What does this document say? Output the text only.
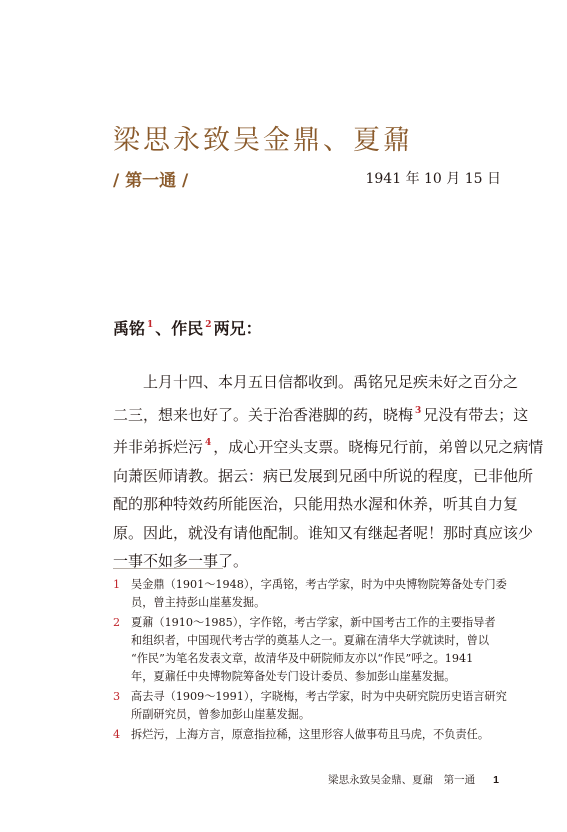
梁思永致吴金鼎、夏鼐
/ 第一通 /	1941 年 10 月 15 日
禹铭 $^1$ 、作民 $^2$ 两兄：
上月十四、本月五日信都收到。禹铭兄足疾未好之百分之
二三，想来也好了。关于治香港脚的药，晓梅 $^3$ 兄没有带去；这
并非弟拆烂污 $^4$ ，成心开空头支票。晓梅兄行前，弟曾以兄之病情
向萧医师请教。据云：病已发展到兄函中所说的程度，已非他所
配的那种特效药所能医治，只能用热水渥和休养，听其自力复
原。因此，就没有请他配制。谁知又有继起者呢！那时真应该少
一事不如多一事了。
1 吴金鼎（1901～1948），字禹铭，考古学家，时为中央博物院筹备处专门委
员，曾主持彭山崖墓发掘。
2 夏鼐（1910～1985），字作铭，考古学家，新中国考古工作的主要指导者
和组织者，中国现代考古学的奠基人之一。夏鼐在清华大学就读时，曾以
“作民”为笔名发表文章，故清华及中研院师友亦以“作民”呼之。1941
年，夏鼐任中央博物院筹备处专门设计委员、参加彭山崖墓发掘。
3 高去寻（1909～1991），字晓梅，考古学家，时为中央研究院历史语言研究
所副研究员，曾参加彭山崖墓发掘。
4 拆烂污，上海方言，原意指拉稀，这里形容人做事苟且马虎，不负责任。
梁思永致吴金鼎、夏鼐　第一通 1
